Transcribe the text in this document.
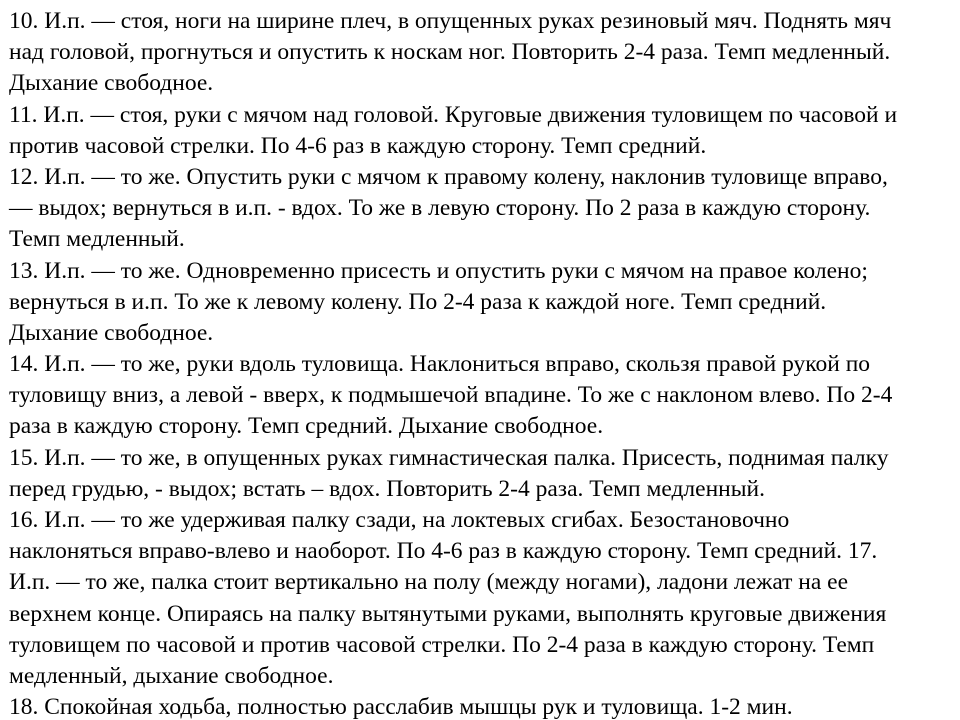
10. И.п. — стоя, ноги на ширине плеч, в опущенных руках резиновый мяч. Поднять мяч
над головой, прогнуться и опустить к носкам ног. Повторить 2-4 раза. Темп медленный.
Дыхание свободное.
11. И.п. — стоя, руки с мячом над головой. Круговые движения туловищем по часовой и
против часовой стрелки. По 4-6 раз в каждую сторону. Темп средний.
12. И.п. — то же. Опустить руки с мячом к правому колену, наклонив туловище вправо,
— выдох; вернуться в и.п. - вдох. То же в левую сторону. По 2 раза в каждую сторону.
Темп медленный.
13. И.п. — то же. Одновременно присесть и опустить руки с мячом на правое колено;
вернуться в и.п. То же к левому колену. По 2-4 раза к каждой ноге. Темп средний.
Дыхание свободное.
14. И.п. — то же, руки вдоль туловища. Наклониться вправо, скользя правой рукой по
туловищу вниз, а левой - вверх, к подмышечой впадине. То же с наклоном влево. По 2-4
раза в каждую сторону. Темп средний. Дыхание свободное.
15. И.п. — то же, в опущенных руках гимнастическая палка. Присесть, поднимая палку
перед грудью, - выдох; встать – вдох. Повторить 2-4 раза. Темп медленный.
16. И.п. — то же удерживая палку сзади, на локтевых сгибах. Безостановочно
наклоняться вправо-влево и наоборот. По 4-6 раз в каждую сторону. Темп средний. 17.
И.п. — то же, палка стоит вертикально на полу (между ногами), ладони лежат на ее
верхнем конце. Опираясь на палку вытянутыми руками, выполнять круговые движения
туловищем по часовой и против часовой стрелки. По 2-4 раза в каждую сторону. Темп
медленный, дыхание свободное.
18. Спокойная ходьба, полностью расслабив мышцы рук и туловища. 1-2 мин.
